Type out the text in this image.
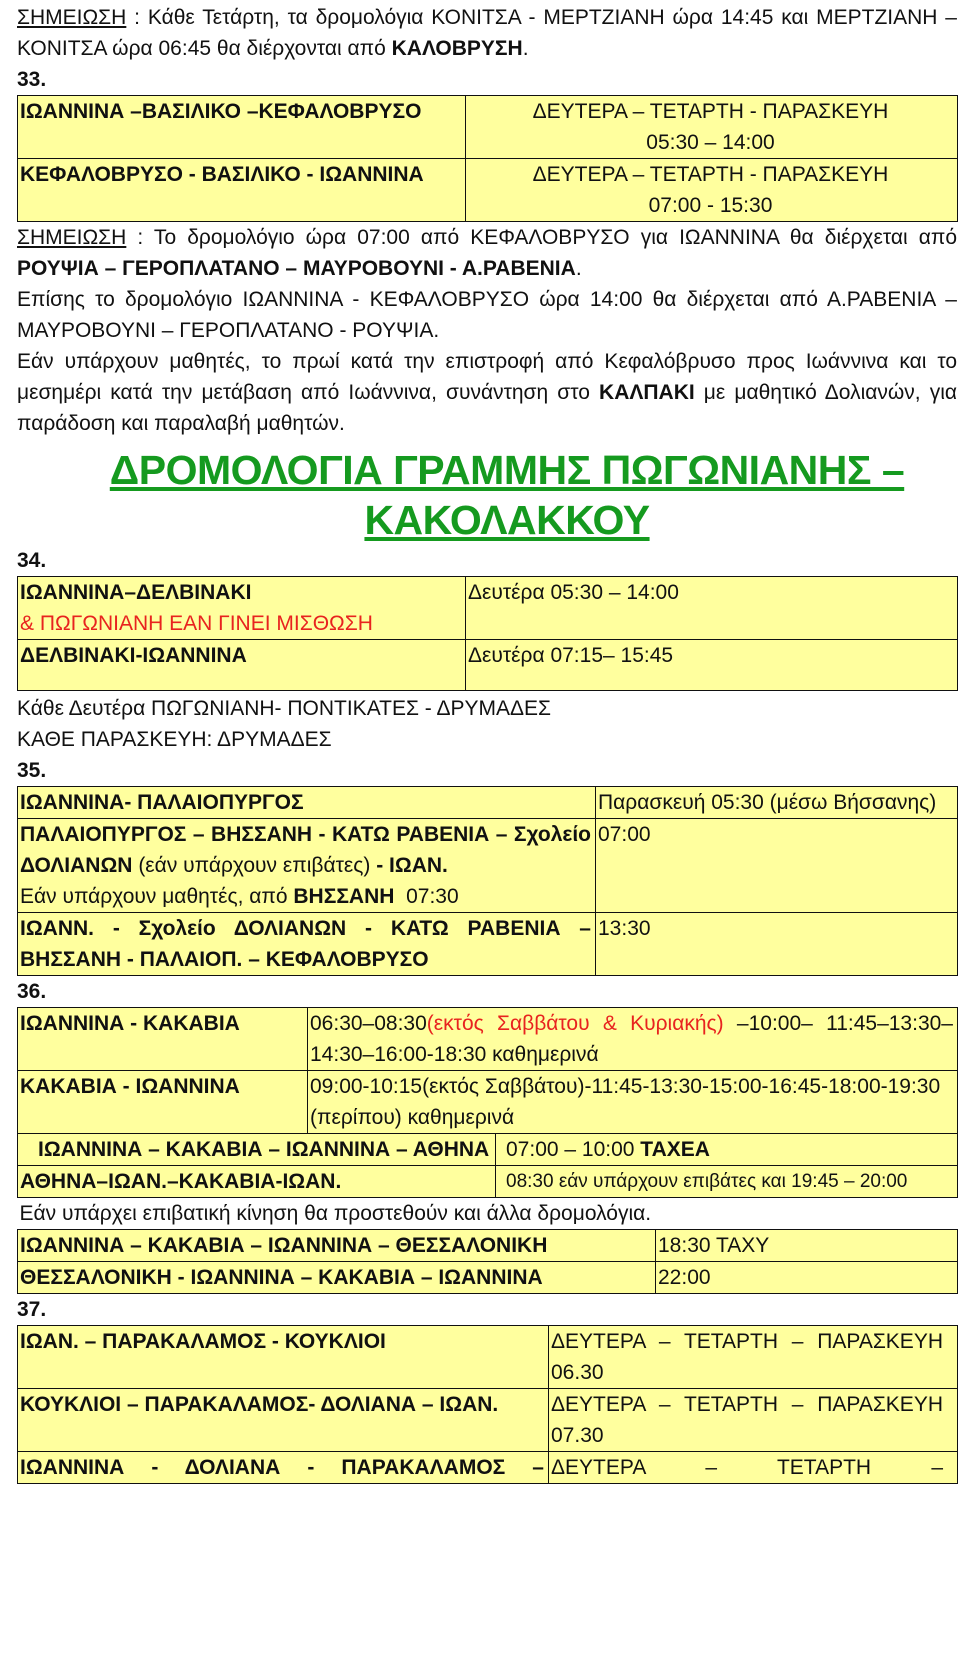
ΣΗΜΕΙΩΣΗ : Κάθε Τετάρτη, τα δρομολόγια ΚΟΝΙΤΣΑ - ΜΕΡΤΖΙΑΝΗ ώρα 14:45 και ΜΕΡΤΖΙΑΝΗ – ΚΟΝΙΤΣΑ ώρα 06:45 θα διέρχονται από ΚΑΛΟΒΡΥΣΗ.

33.
ΙΩΑΝΝΙΝΑ –ΒΑΣΙΛΙΚΟ –ΚΕΦΑΛΟΒΡΥΣΟ	ΔΕΥΤΕΡΑ – ΤΕΤΑΡΤΗ - ΠΑΡΑΣΚΕΥΗ
05:30 – 14:00

ΚΕΦΑΛΟΒΡΥΣΟ - ΒΑΣΙΛΙΚΟ - ΙΩΑΝΝΙΝΑ	ΔΕΥΤΕΡΑ – ΤΕΤΑΡΤΗ - ΠΑΡΑΣΚΕΥΗ
07:00 - 15:30

ΣΗΜΕΙΩΣΗ : Το δρομολόγιο ώρα 07:00 από ΚΕΦΑΛΟΒΡΥΣΟ για ΙΩΑΝΝΙΝΑ θα διέρχεται από ΡΟΥΨΙΑ – ΓΕΡΟΠΛΑΤΑΝΟ – ΜΑΥΡΟΒΟΥΝΙ - Α.ΡΑΒΕΝΙΑ.

Επίσης το δρομολόγιο ΙΩΑΝΝΙΝΑ - ΚΕΦΑΛΟΒΡΥΣΟ ώρα 14:00 θα διέρχεται από Α.ΡΑΒΕΝΙΑ – ΜΑΥΡΟΒΟΥΝΙ – ΓΕΡΟΠΛΑΤΑΝΟ - ΡΟΥΨΙΑ.

Εάν υπάρχουν μαθητές, το πρωί κατά την επιστροφή από Κεφαλόβρυσο προς Ιωάννινα και το μεσημέρι κατά την μετάβαση από Ιωάννινα, συνάντηση στο ΚΑΛΠΑΚΙ με μαθητικό Δολιανών, για παράδοση και παραλαβή μαθητών.

ΔΡΟΜΟΛΟΓΙΑ ΓΡΑΜΜΗΣ ΠΩΓΩΝΙΑΝΗΣ –
ΚΑΚΟΛΑΚΚΟΥ
34.
ΙΩΑΝΝΙΝΑ–ΔΕΛΒΙΝΑΚΙ
& ΠΩΓΩΝΙΑΝΗ ΕΑΝ ΓΙΝΕΙ ΜΙΣΘΩΣΗ	Δευτέρα 05:30 – 14:00
ΔΕΛΒΙΝΑΚΙ-ΙΩΑΝΝΙΝΑ	Δευτέρα 07:15– 15:45

Κάθε Δευτέρα ΠΩΓΩΝΙΑΝΗ- ΠΟΝΤΙΚΑΤΕΣ - ΔΡΥΜΑΔΕΣ

ΚΑΘΕ ΠΑΡΑΣΚΕΥΗ: ΔΡΥΜΑΔΕΣ

35.
ΙΩΑΝΝΙΝΑ- ΠΑΛΑΙΟΠΥΡΓΟΣ	Παρασκευή 05:30 (μέσω Βήσσανης)
ΠΑΛΑΙΟΠΥΡΓΟΣ – ΒΗΣΣΑΝΗ - ΚΑΤΩ ΡΑΒΕΝΙΑ – Σχολείο ΔΟΛΙΑΝΩΝ (εάν υπάρχουν επιβάτες) - ΙΩΑΝ.
Εάν υπάρχουν μαθητές, από ΒΗΣΣΑΝΗ  07:30	07:00
ΙΩΑΝΝ. - Σχολείο ΔΟΛΙΑΝΩΝ - ΚΑΤΩ ΡΑΒΕΝΙΑ – ΒΗΣΣΑΝΗ - ΠΑΛΑΙΟΠ. – ΚΕΦΑΛΟΒΡΥΣΟ	13:30
36.
ΙΩΑΝΝΙΝΑ - ΚΑΚΑΒΙΑ	06:30–08:30(εκτός Σαββάτου & Κυριακής) –10:00– 11:45–13:30–14:30–16:00-18:30 καθημερινά		
ΚΑΚΑΒΙΑ - ΙΩΑΝΝΙΝΑ	09:00-10:15(εκτός Σαββάτου)-11:45-13:30-15:00-16:45-18:00-19:30 (περίπου) καθημερινά		
ΙΩΑΝΝΙΝΑ – ΚΑΚΑΒΙΑ – ΙΩΑΝΝΙΝΑ – ΑΘΗΝΑ		07:00 – 10:00 ΤΑΧΕΑ	
ΑΘΗΝΑ–ΙΩΑΝ.–ΚΑΚΑΒΙΑ-ΙΩΑΝ.		08:30 εάν υπάρχουν επιβάτες και 19:45 – 20:00	
Εάν υπάρχει επιβατική κίνηση θα προστεθούν και άλλα δρομολόγια.			
ΙΩΑΝΝΙΝΑ – ΚΑΚΑΒΙΑ – ΙΩΑΝΝΙΝΑ – ΘΕΣΣΑΛΟΝΙΚΗ			18:30 ΤΑΧΥ
ΘΕΣΣΑΛΟΝΙΚΗ - ΙΩΑΝΝΙΝΑ – ΚΑΚΑΒΙΑ – ΙΩΑΝΝΙΝΑ			22:00
37.
ΙΩΑΝ. – ΠΑΡΑΚΑΛΑΜΟΣ - ΚΟΥΚΛΙΟΙ	ΔΕΥΤΕΡΑ – ΤΕΤΑΡΤΗ – ΠΑΡΑΣΚΕΥΗ 06.30
ΚΟΥΚΛΙΟΙ – ΠΑΡΑΚΑΛΑΜΟΣ- ΔΟΛΙΑΝΑ – ΙΩΑΝ.	ΔΕΥΤΕΡΑ – ΤΕΤΑΡΤΗ – ΠΑΡΑΣΚΕΥΗ 07.30

ΙΩΑΝΝΙΝΑ - ΔΟΛΙΑΝΑ - ΠΑΡΑΚΑΛΑΜΟΣ –	ΔΕΥΤΕΡΑ – ΤΕΤΑΡΤΗ –
